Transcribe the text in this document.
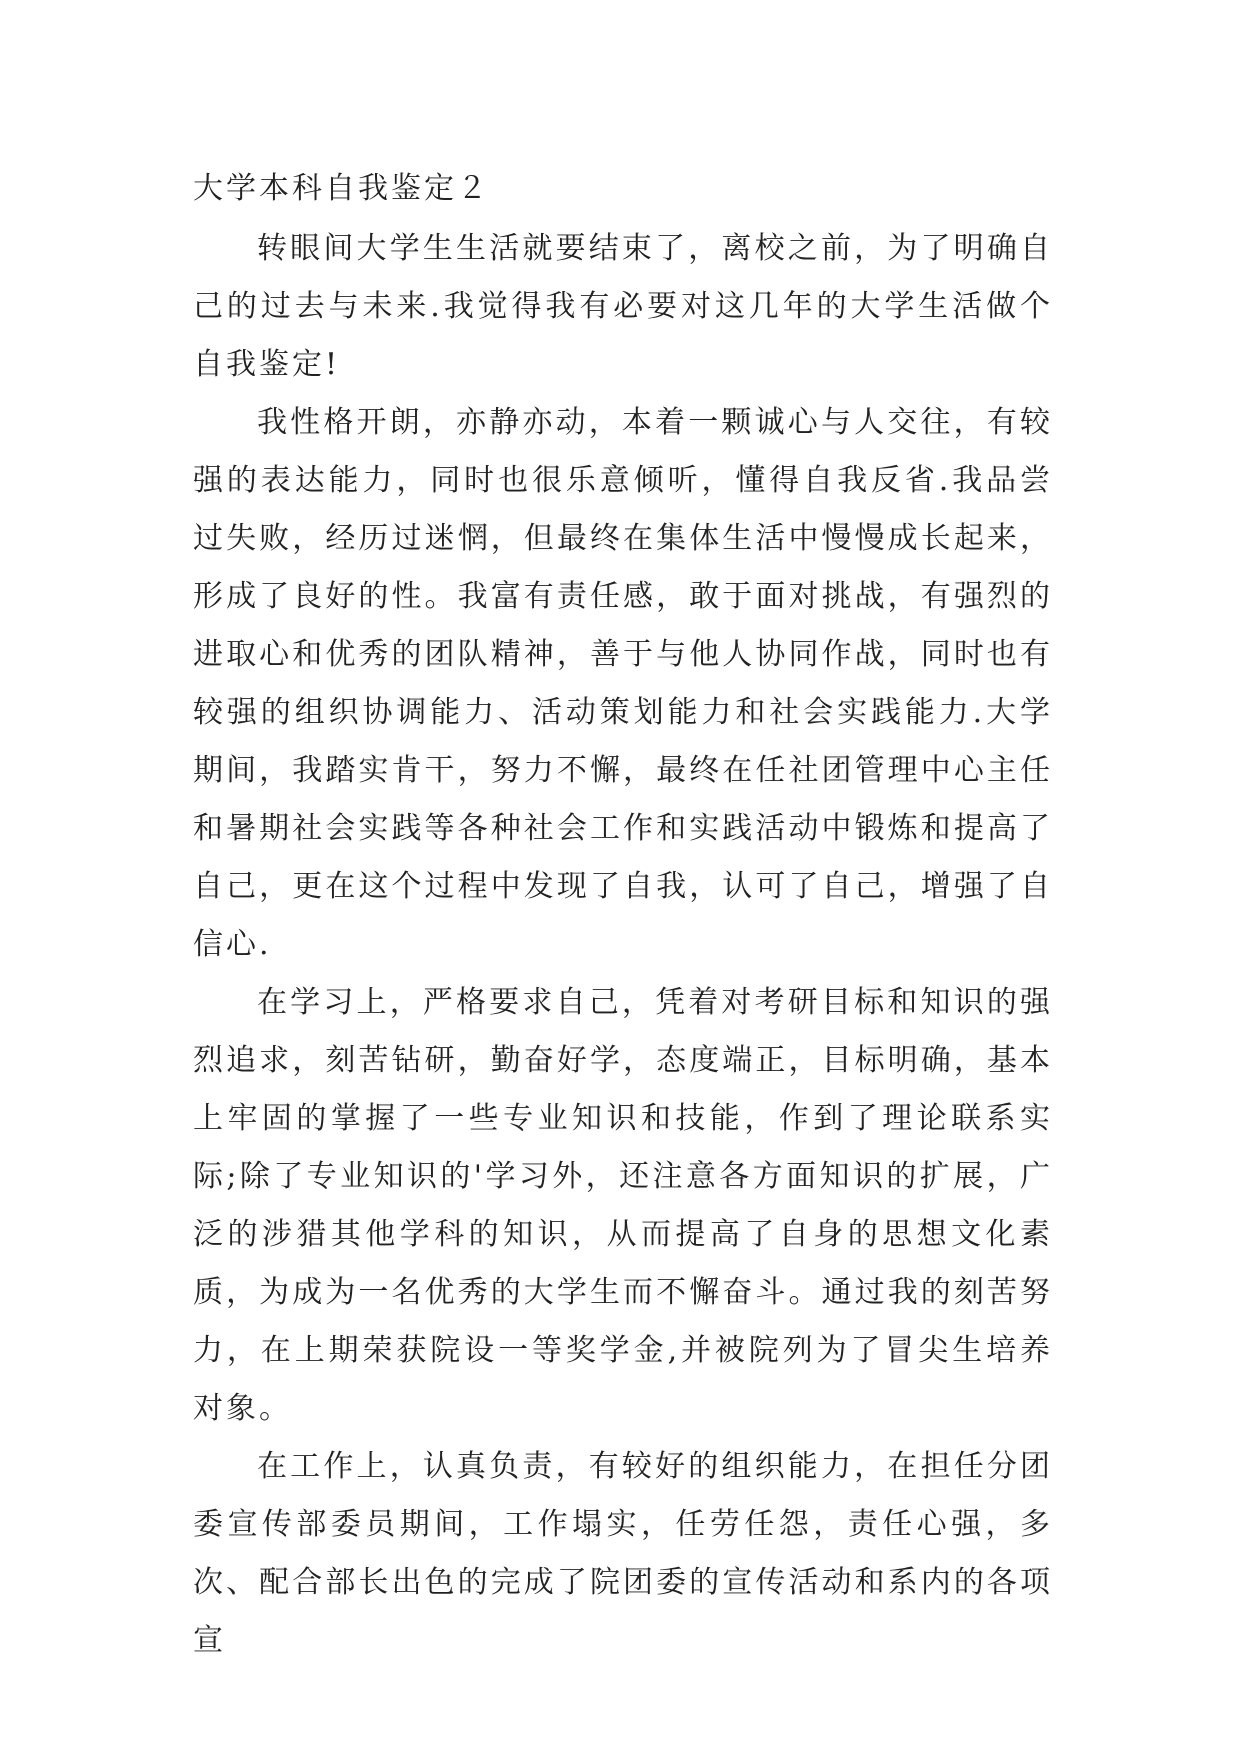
大学本科自我鉴定２

转眼间大学生生活就要结束了，离校之前，为了明确自己的过去与未来.我觉得我有必要对这几年的大学生活做个自我鉴定!

我性格开朗，亦静亦动，本着一颗诚心与人交往，有较强的表达能力，同时也很乐意倾听，懂得自我反省.我品尝过失败，经历过迷惘，但最终在集体生活中慢慢成长起来，形成了良好的性。我富有责任感，敢于面对挑战，有强烈的进取心和优秀的团队精神，善于与他人协同作战，同时也有较强的组织协调能力、活动策划能力和社会实践能力.大学期间，我踏实肯干，努力不懈，最终在任社团管理中心主任和暑期社会实践等各种社会工作和实践活动中锻炼和提高了自己，更在这个过程中发现了自我，认可了自己，增强了自信心.

在学习上，严格要求自己，凭着对考研目标和知识的强烈追求，刻苦钻研，勤奋好学，态度端正，目标明确，基本上牢固的掌握了一些专业知识和技能，作到了理论联系实际;除了专业知识的'学习外，还注意各方面知识的扩展，广泛的涉猎其他学科的知识，从而提高了自身的思想文化素质，为成为一名优秀的大学生而不懈奋斗。通过我的刻苦努力，在上期荣获院设一等奖学金,并被院列为了冒尖生培养对象。

在工作上，认真负责，有较好的组织能力，在担任分团委宣传部委员期间，工作塌实，任劳任怨，责任心强，多次、配合部长出色的完成了院团委的宣传活动和系内的各项宣
